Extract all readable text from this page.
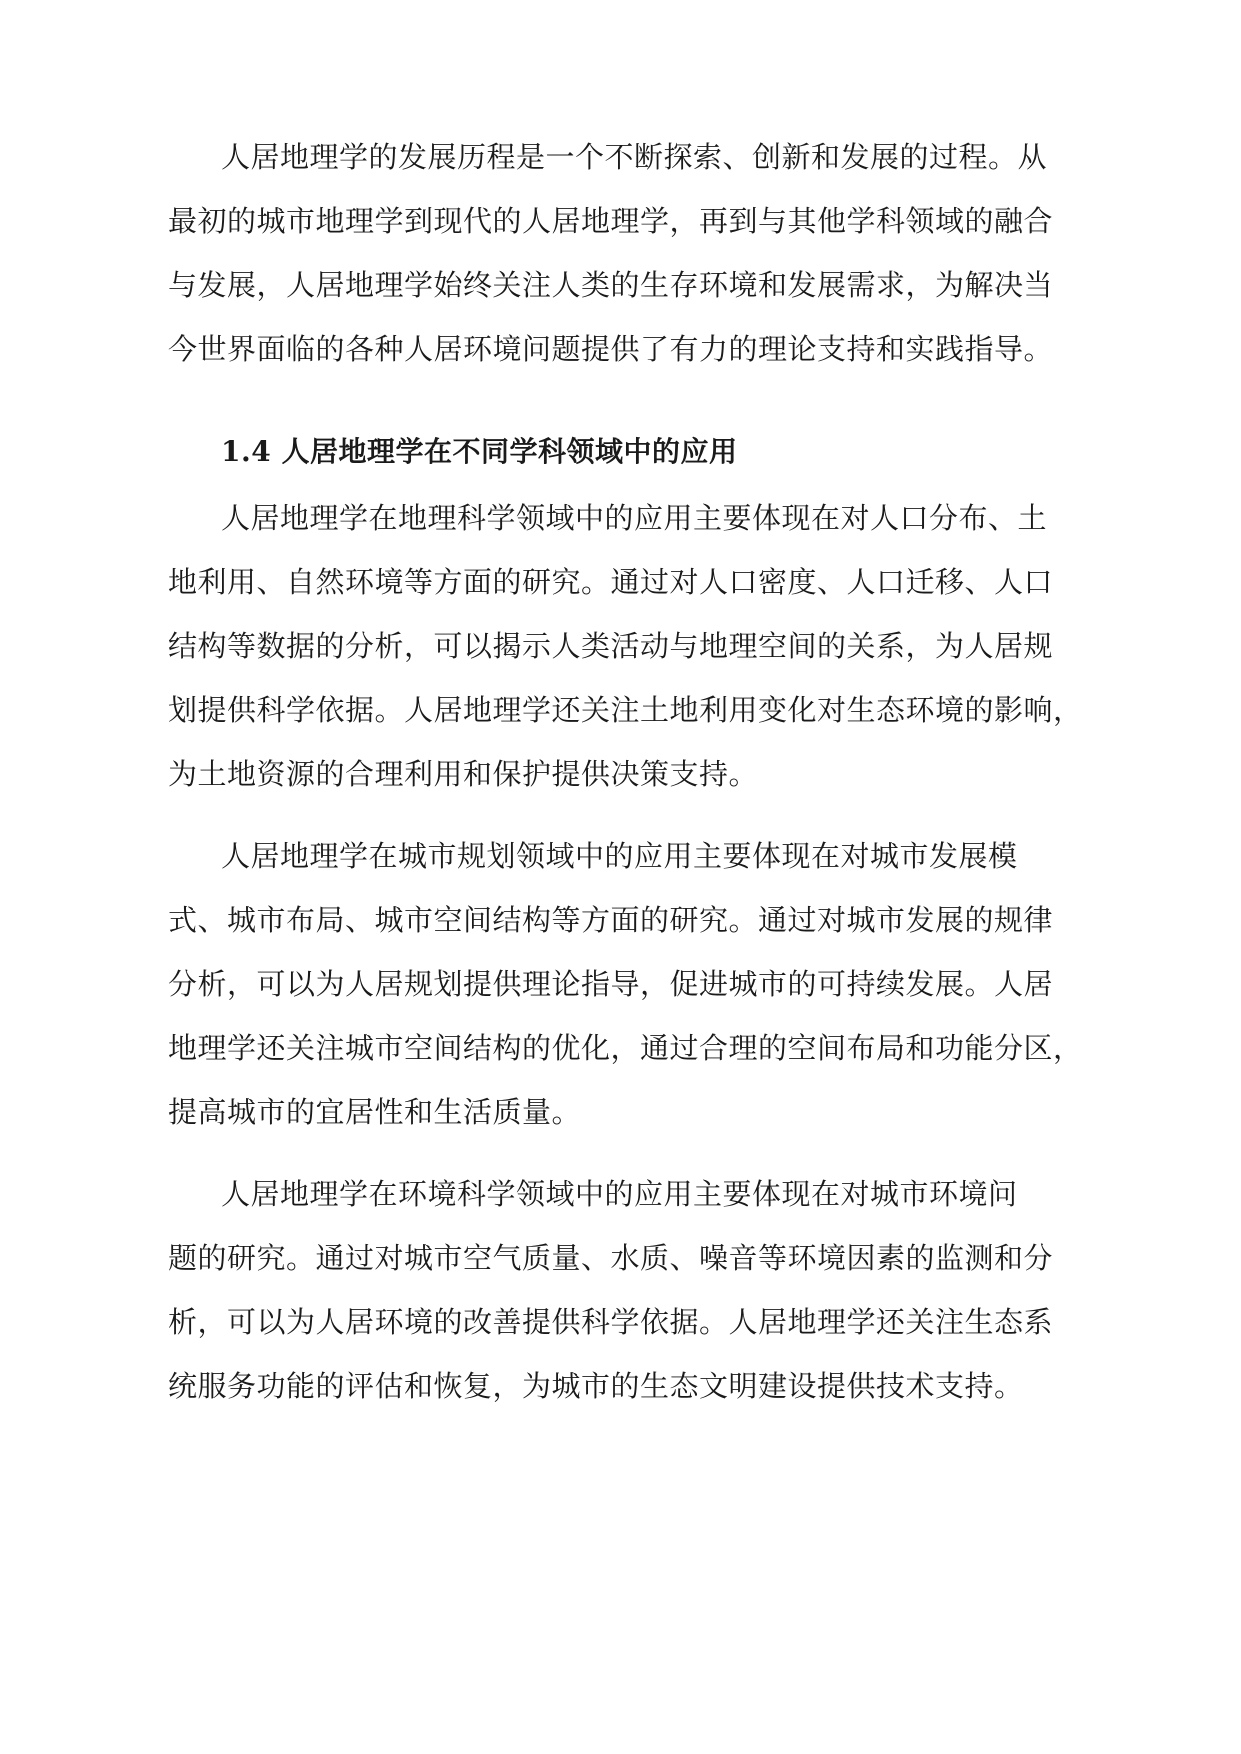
人居地理学的发展历程是一个不断探索、创新和发展的过程。从
最初的城市地理学到现代的人居地理学，再到与其他学科领域的融合
与发展，人居地理学始终关注人类的生存环境和发展需求，为解决当
今世界面临的各种人居环境问题提供了有力的理论支持和实践指导。
1.4 人居地理学在不同学科领域中的应用
人居地理学在地理科学领域中的应用主要体现在对人口分布、土
地利用、自然环境等方面的研究。通过对人口密度、人口迁移、人口
结构等数据的分析，可以揭示人类活动与地理空间的关系，为人居规
划提供科学依据。人居地理学还关注土地利用变化对生态环境的影响，
为土地资源的合理利用和保护提供决策支持。
人居地理学在城市规划领域中的应用主要体现在对城市发展模
式、城市布局、城市空间结构等方面的研究。通过对城市发展的规律
分析，可以为人居规划提供理论指导，促进城市的可持续发展。人居
地理学还关注城市空间结构的优化，通过合理的空间布局和功能分区，
提高城市的宜居性和生活质量。
人居地理学在环境科学领域中的应用主要体现在对城市环境问
题的研究。通过对城市空气质量、水质、噪音等环境因素的监测和分
析，可以为人居环境的改善提供科学依据。人居地理学还关注生态系
统服务功能的评估和恢复，为城市的生态文明建设提供技术支持。
